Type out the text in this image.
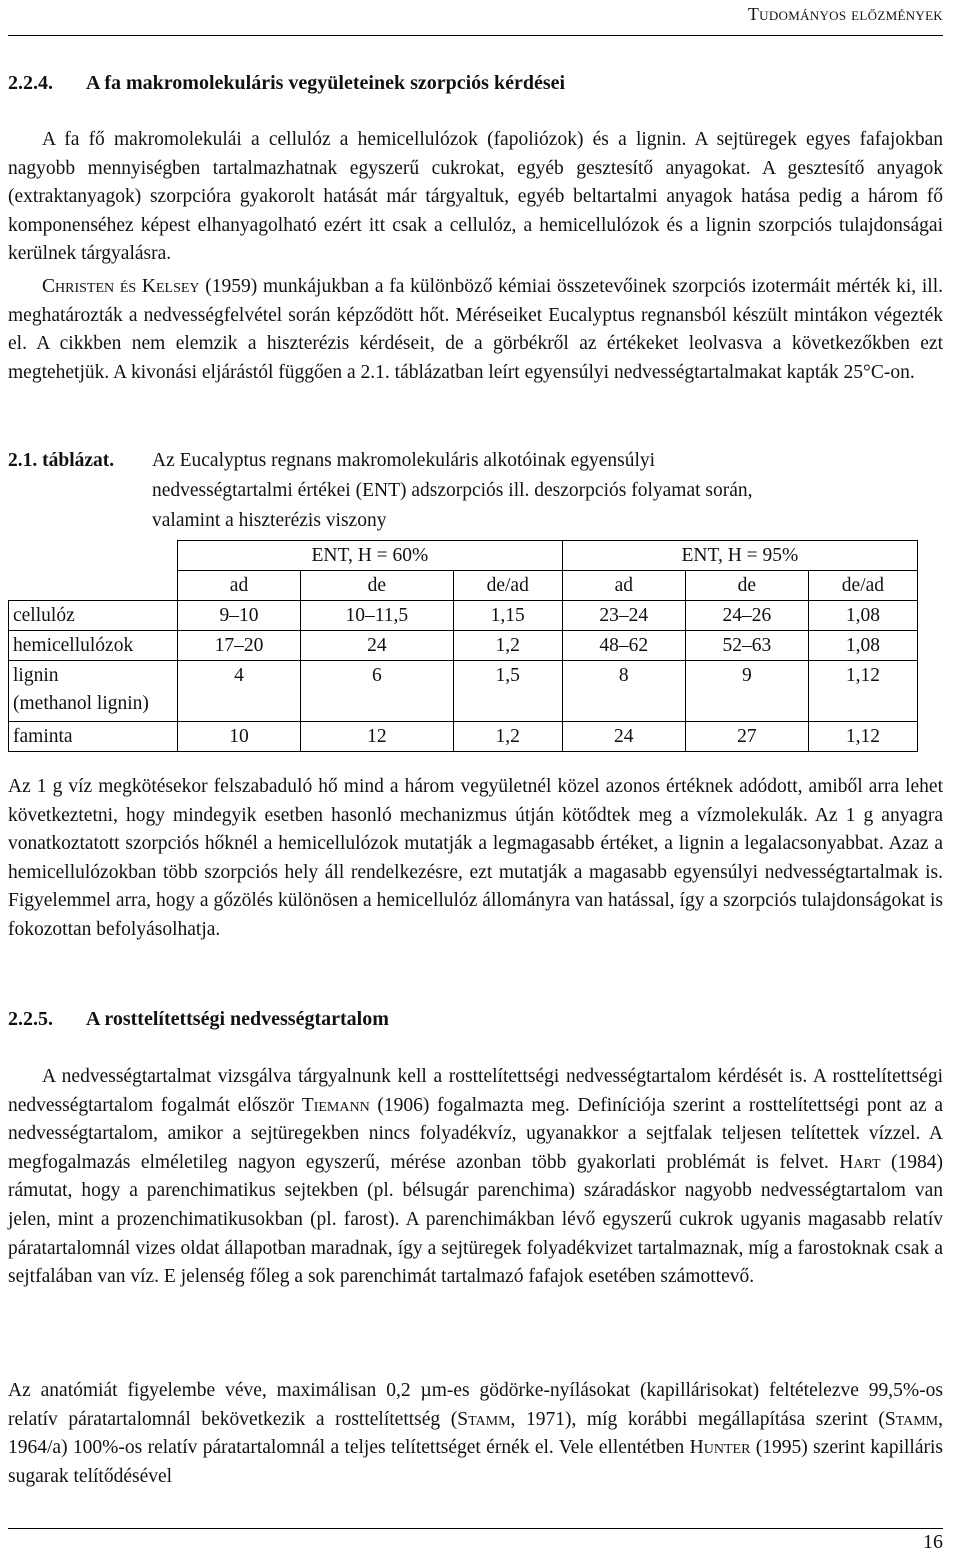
Tudományos előzmények
2.2.4. A fa makromolekuláris vegyületeinek szorpciós kérdései

A fa fő makromolekulái a cellulóz a hemicellulózok (fapoliózok) és a lignin. A sejtüregek egyes fafajokban nagyobb mennyiségben tartalmazhatnak egyszerű cukrokat, egyéb gesztesítő anyagokat. A gesztesítő anyagok (extraktanyagok) szorpcióra gyakorolt hatását már tárgyaltuk, egyéb beltartalmi anyagok hatása pedig a három fő komponenséhez képest elhanyagolható ezért itt csak a cellulóz, a hemicellulózok és a lignin szorpciós tulajdonságai kerülnek tárgyalásra.

Christen és Kelsey (1959) munkájukban a fa különböző kémiai összetevőinek szorpciós izotermáit mérték ki, ill. meghatározták a nedvességfelvétel során képződött hőt. Méréseiket Eucalyptus regnansból készült mintákon végezték el. A cikkben nem elemzik a hiszterézis kérdéseit, de a görbékről az értékeket leolvasva a következőkben ezt megtehetjük. A kivonási eljárástól függően a 2.1. táblázatban leírt egyensúlyi nedvességtartalmakat kapták 25°C-on.

2.1. táblázat. Az Eucalyptus regnans makromolekuláris alkotóinak egyensúlyi
nedvességtartalmi értékei (ENT) adszorpciós ill. deszorpciós folyamat során,
valamint a hiszterézis viszony
	ENT, H = 60%			ENT, H = 95%		
	ad	de	de/ad	ad	de	de/ad
cellulóz	9–10	10–11,5	1,15	23–24	24–26	1,08
hemicellulózok	17–20	24	1,2	48–62	52–63	1,08

lignin
(methanol lignin)	4	6	1,5	8	9	1,12
faminta	10	12	1,2	24	27	1,12

Az 1 g víz megkötésekor felszabaduló hő mind a három vegyületnél közel azonos értéknek adódott, amiből arra lehet következtetni, hogy mindegyik esetben hasonló mechanizmus útján kötődtek meg a vízmolekulák. Az 1 g anyagra vonatkoztatott szorpciós hőknél a hemicellulózok mutatják a legmagasabb értéket, a lignin a legalacsonyabbat. Azaz a hemicellulózokban több szorpciós hely áll rendelkezésre, ezt mutatják a magasabb egyensúlyi nedvességtartalmak is. Figyelemmel arra, hogy a gőzölés különösen a hemicellulóz állományra van hatással, így a szorpciós tulajdonságokat is fokozottan befolyásolhatja.

2.2.5. A rosttelítettségi nedvességtartalom

A nedvességtartalmat vizsgálva tárgyalnunk kell a rosttelítettségi nedvességtartalom kérdését is. A rosttelítettségi nedvességtartalom fogalmát először Tiemann (1906) fogalmazta meg. Definíciója szerint a rosttelítettségi pont az a nedvességtartalom, amikor a sejtüregekben nincs folyadékvíz, ugyanakkor a sejtfalak teljesen telítettek vízzel. A megfogalmazás elméletileg nagyon egyszerű, mérése azonban több gyakorlati problémát is felvet. Hart (1984) rámutat, hogy a parenchimatikus sejtekben (pl. bélsugár parenchima) száradáskor nagyobb nedvességtartalom van jelen, mint a prozenchimatikusokban (pl. farost). A parenchimákban lévő egyszerű cukrok ugyanis magasabb relatív páratartalomnál vizes oldat állapotban maradnak, így a sejtüregek folyadékvizet tartalmaznak, míg a farostoknak csak a sejtfalában van víz. E jelenség főleg a sok parenchimát tartalmazó fafajok esetében számottevő.

Az anatómiát figyelembe véve, maximálisan 0,2 µm-es gödörke-nyílásokat (kapillárisokat) feltételezve 99,5%-os relatív páratartalomnál bekövetkezik a rosttelítettség (Stamm, 1971), míg korábbi megállapítása szerint (Stamm, 1964/a) 100%-os relatív páratartalomnál a teljes telítettséget érnék el. Vele ellentétben Hunter (1995) szerint kapilláris sugarak telítődésével

16
